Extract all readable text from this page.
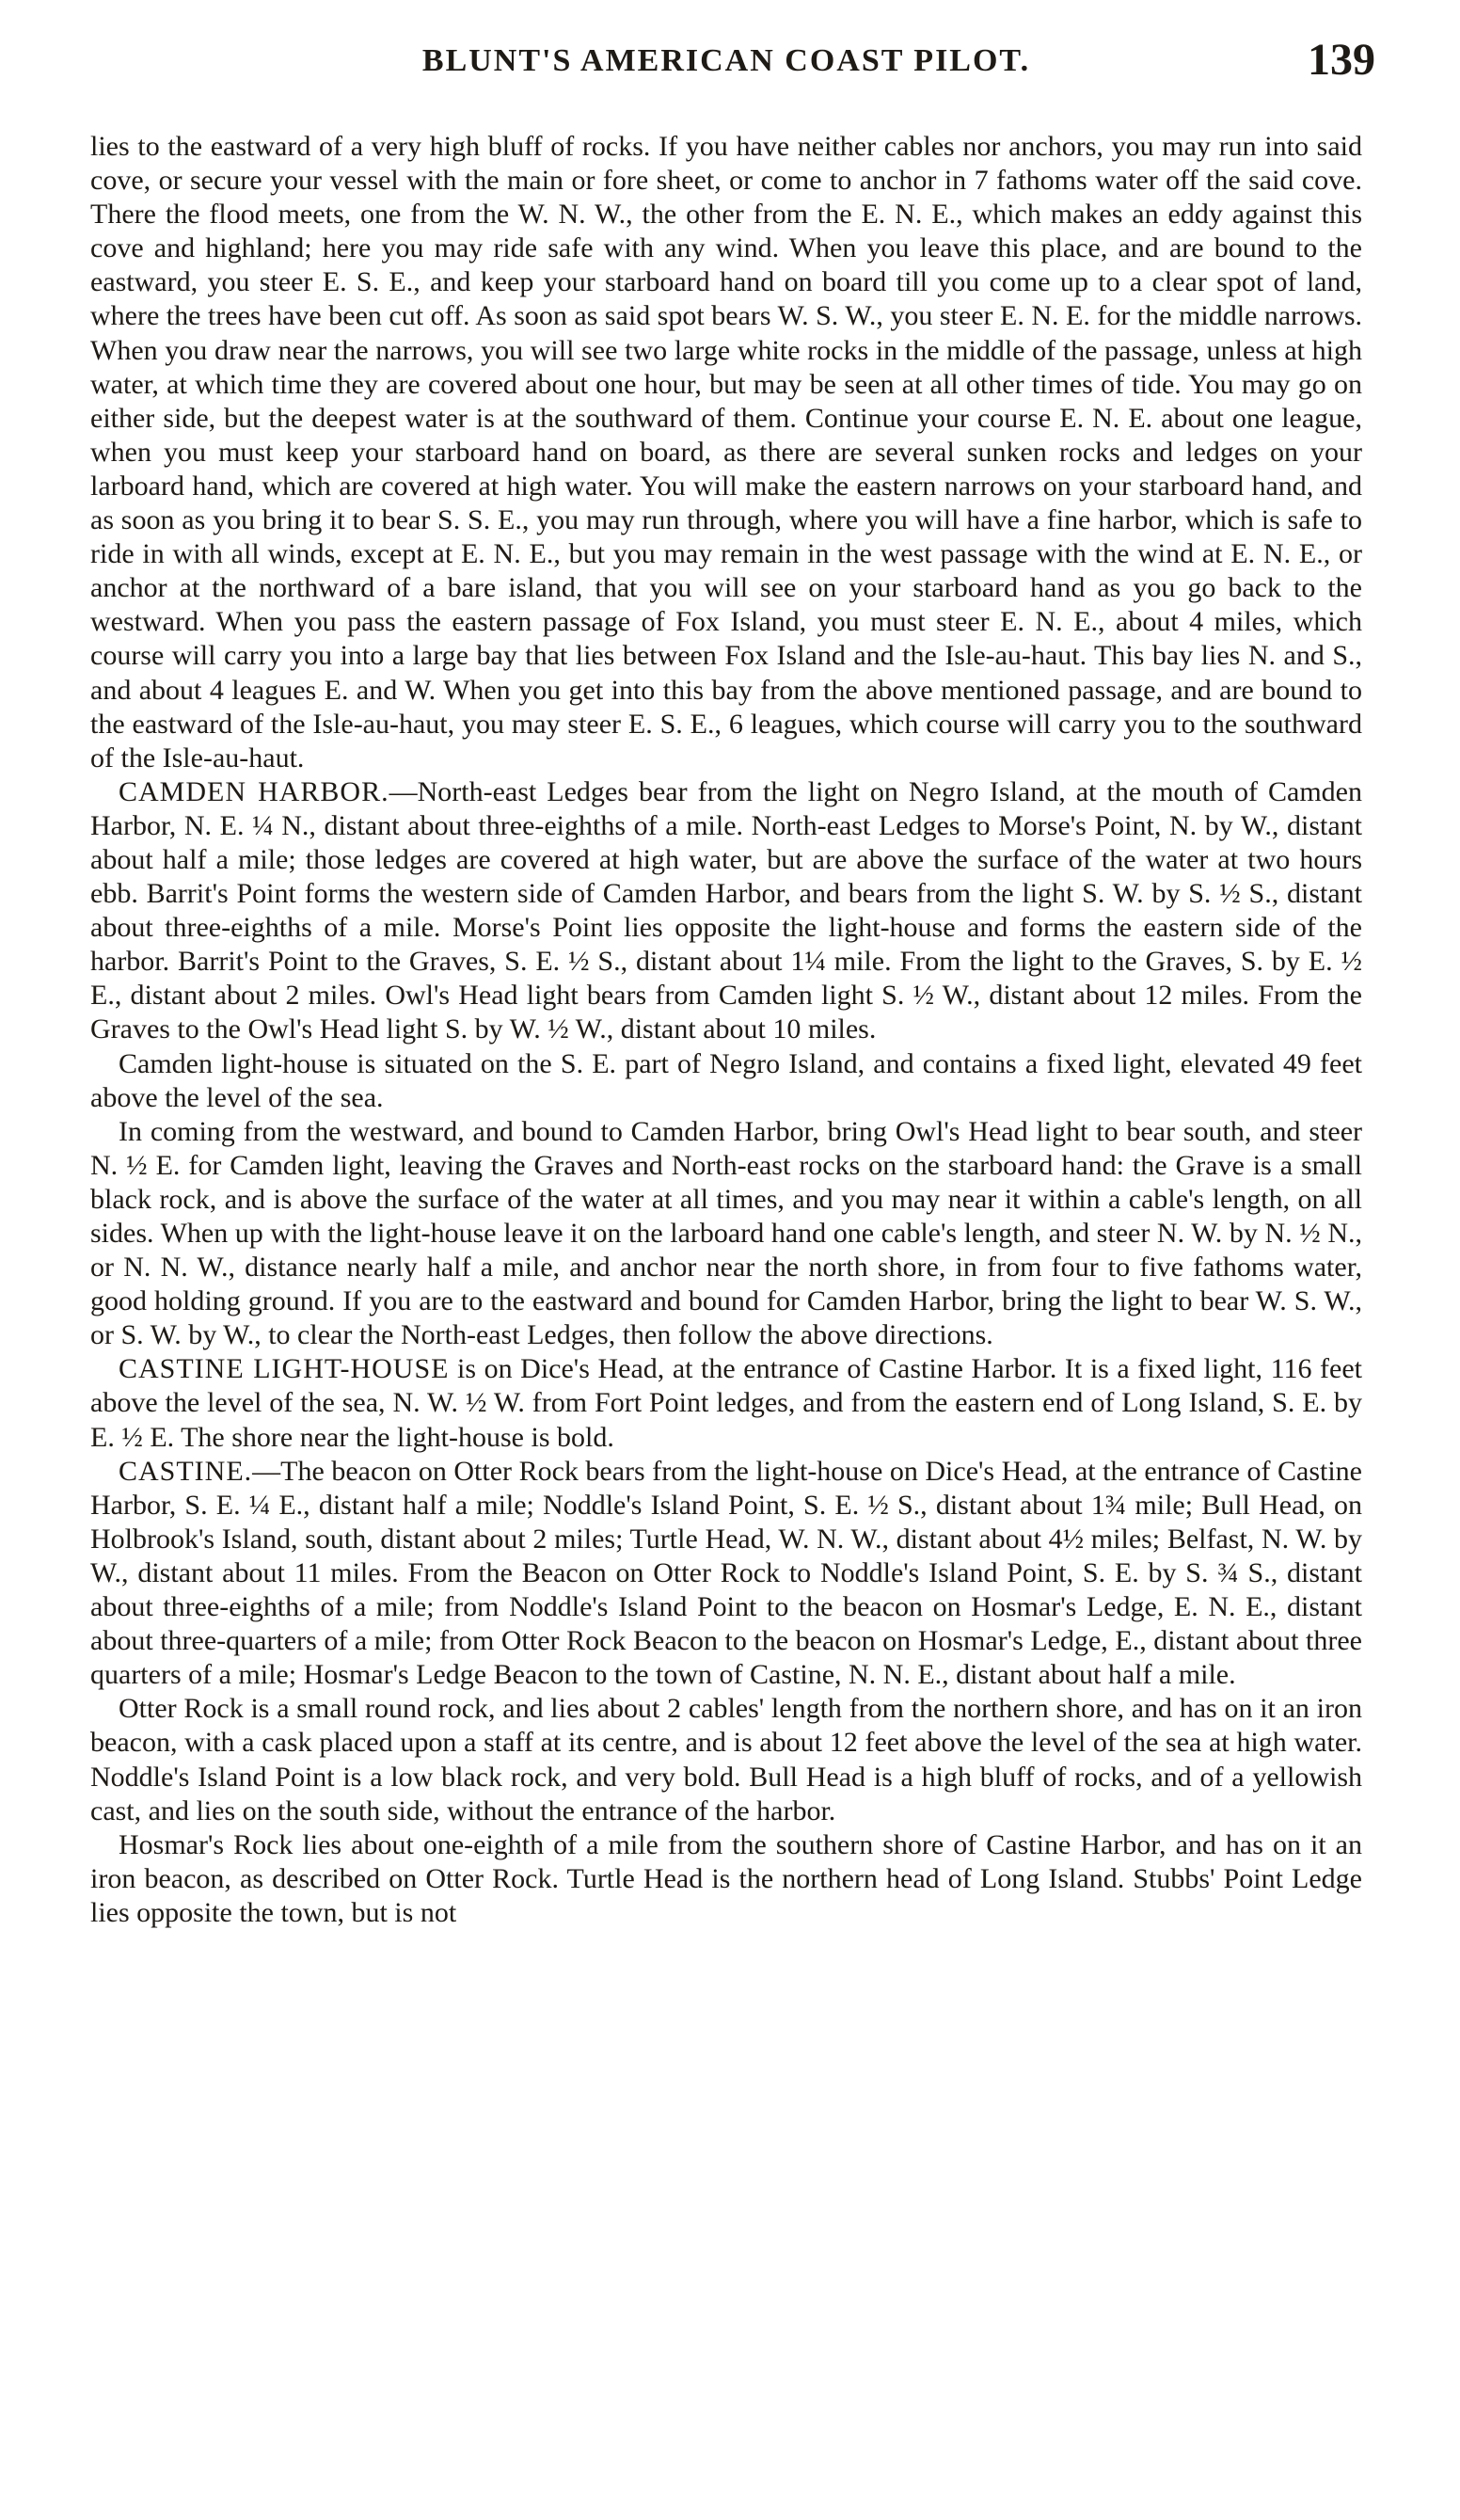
BLUNT'S AMERICAN COAST PILOT.	139

lies to the eastward of a very high bluff of rocks. If you have neither cables nor anchors, you may run into said cove, or secure your vessel with the main or fore sheet, or come to anchor in 7 fathoms water off the said cove. There the flood meets, one from the W. N. W., the other from the E. N. E., which makes an eddy against this cove and highland; here you may ride safe with any wind. When you leave this place, and are bound to the eastward, you steer E. S. E., and keep your starboard hand on board till you come up to a clear spot of land, where the trees have been cut off. As soon as said spot bears W. S. W., you steer E. N. E. for the middle narrows. When you draw near the narrows, you will see two large white rocks in the middle of the passage, unless at high water, at which time they are covered about one hour, but may be seen at all other times of tide. You may go on either side, but the deepest water is at the southward of them. Continue your course E. N. E. about one league, when you must keep your starboard hand on board, as there are several sunken rocks and ledges on your larboard hand, which are covered at high water. You will make the eastern narrows on your starboard hand, and as soon as you bring it to bear S. S. E., you may run through, where you will have a fine harbor, which is safe to ride in with all winds, except at E. N. E., but you may remain in the west passage with the wind at E. N. E., or anchor at the northward of a bare island, that you will see on your starboard hand as you go back to the westward. When you pass the eastern passage of Fox Island, you must steer E. N. E., about 4 miles, which course will carry you into a large bay that lies between Fox Island and the Isle-au-haut. This bay lies N. and S., and about 4 leagues E. and W. When you get into this bay from the above mentioned passage, and are bound to the eastward of the Isle-au-haut, you may steer E. S. E., 6 leagues, which course will carry you to the southward of the Isle-au-haut.

CAMDEN HARBOR.—North-east Ledges bear from the light on Negro Island, at the mouth of Camden Harbor, N. E. ¼ N., distant about three-eighths of a mile. North-east Ledges to Morse's Point, N. by W., distant about half a mile; those ledges are covered at high water, but are above the surface of the water at two hours ebb. Barrit's Point forms the western side of Camden Harbor, and bears from the light S. W. by S. ½ S., distant about three-eighths of a mile. Morse's Point lies opposite the light-house and forms the eastern side of the harbor. Barrit's Point to the Graves, S. E. ½ S., distant about 1¼ mile. From the light to the Graves, S. by E. ½ E., distant about 2 miles. Owl's Head light bears from Camden light S. ½ W., distant about 12 miles. From the Graves to the Owl's Head light S. by W. ½ W., distant about 10 miles.

Camden light-house is situated on the S. E. part of Negro Island, and contains a fixed light, elevated 49 feet above the level of the sea.

In coming from the westward, and bound to Camden Harbor, bring Owl's Head light to bear south, and steer N. ½ E. for Camden light, leaving the Graves and North-east rocks on the starboard hand: the Grave is a small black rock, and is above the surface of the water at all times, and you may near it within a cable's length, on all sides. When up with the light-house leave it on the larboard hand one cable's length, and steer N. W. by N. ½ N., or N. N. W., distance nearly half a mile, and anchor near the north shore, in from four to five fathoms water, good holding ground. If you are to the eastward and bound for Camden Harbor, bring the light to bear W. S. W., or S. W. by W., to clear the North-east Ledges, then follow the above directions.

CASTINE LIGHT-HOUSE is on Dice's Head, at the entrance of Castine Harbor. It is a fixed light, 116 feet above the level of the sea, N. W. ½ W. from Fort Point ledges, and from the eastern end of Long Island, S. E. by E. ½ E. The shore near the light-house is bold.

CASTINE.—The beacon on Otter Rock bears from the light-house on Dice's Head, at the entrance of Castine Harbor, S. E. ¼ E., distant half a mile; Noddle's Island Point, S. E. ½ S., distant about 1¾ mile; Bull Head, on Holbrook's Island, south, distant about 2 miles; Turtle Head, W. N. W., distant about 4½ miles; Belfast, N. W. by W., distant about 11 miles. From the Beacon on Otter Rock to Noddle's Island Point, S. E. by S. ¾ S., distant about three-eighths of a mile; from Noddle's Island Point to the beacon on Hosmar's Ledge, E. N. E., distant about three-quarters of a mile; from Otter Rock Beacon to the beacon on Hosmar's Ledge, E., distant about three quarters of a mile; Hosmar's Ledge Beacon to the town of Castine, N. N. E., distant about half a mile.

Otter Rock is a small round rock, and lies about 2 cables' length from the northern shore, and has on it an iron beacon, with a cask placed upon a staff at its centre, and is about 12 feet above the level of the sea at high water. Noddle's Island Point is a low black rock, and very bold. Bull Head is a high bluff of rocks, and of a yellowish cast, and lies on the south side, without the entrance of the harbor.

Hosmar's Rock lies about one-eighth of a mile from the southern shore of Castine Harbor, and has on it an iron beacon, as described on Otter Rock. Turtle Head is the northern head of Long Island. Stubbs' Point Ledge lies opposite the town, but is not
